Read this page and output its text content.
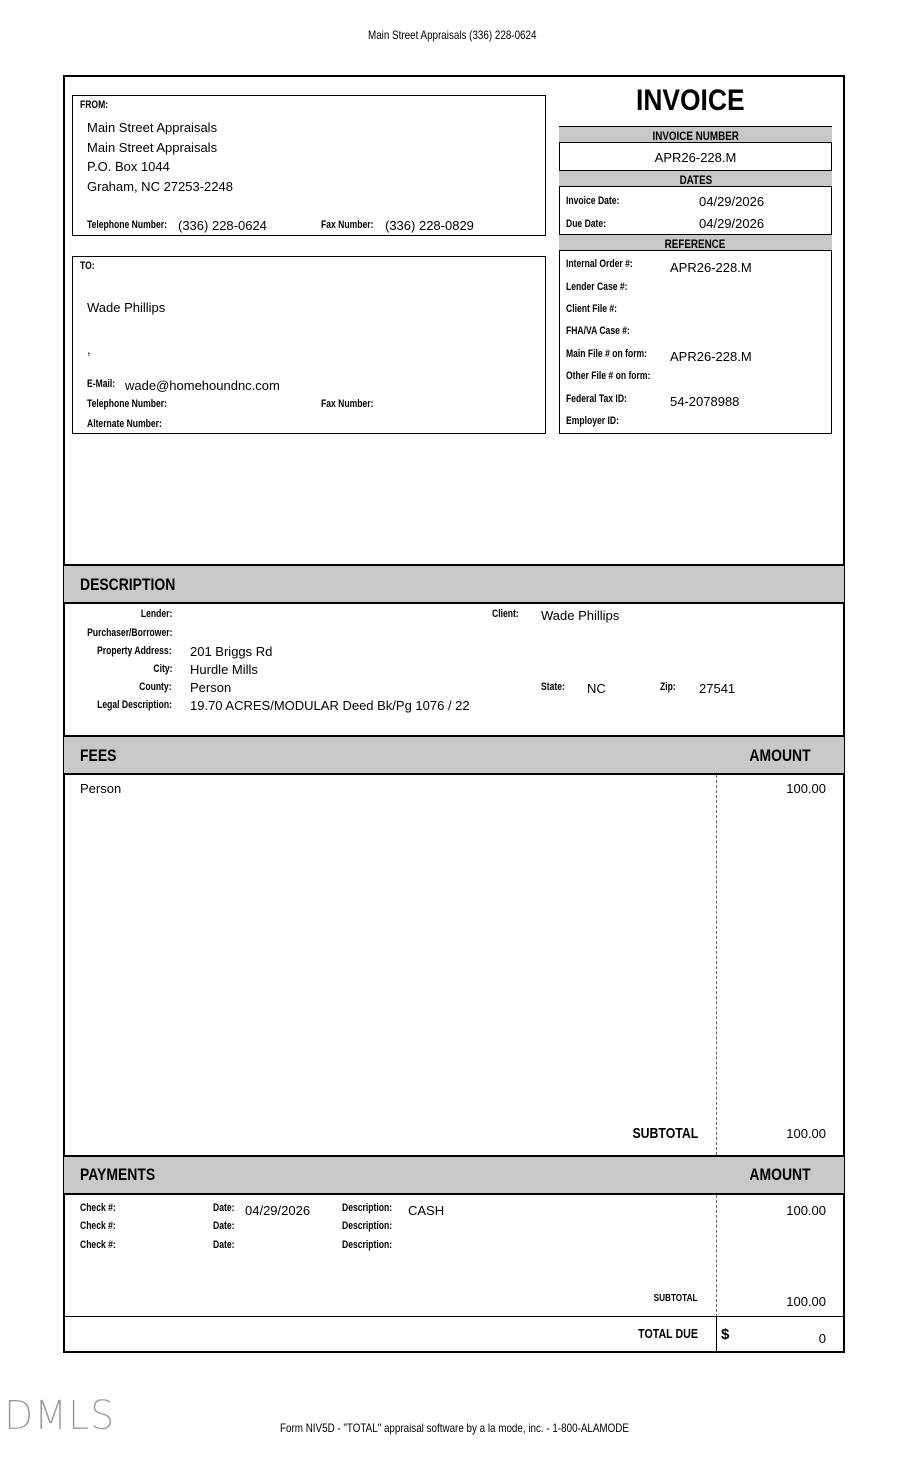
Main Street Appraisals (336) 228-0624
INVOICE
FROM:
Main Street Appraisals
Main Street Appraisals
P.O. Box 1044
Graham, NC 27253-2248
Telephone Number: (336) 228-0624	Fax Number: (336) 228-0829
TO:
Wade Phillips
,
E-Mail: wade@homehoundnc.com
Telephone Number:	Fax Number:
Alternate Number:
INVOICE NUMBER
APR26-228.M
DATES
Invoice Date:	04/29/2026
Due Date:	04/29/2026
REFERENCE
Internal Order #:	APR26-228.M
Lender Case #:
Client File #:
FHA/VA Case #:
Main File # on form: APR26-228.M
Other File # on form:
Federal Tax ID:	54-2078988
Employer ID:
DESCRIPTION
Lender:	Client: Wade Phillips
Purchaser/Borrower:
Property Address: 201 Briggs Rd
City: Hurdle Mills
County: Person	State: NC	Zip: 27541
Legal Description: 19.70 ACRES/MODULAR Deed Bk/Pg 1076 / 22
FEES	AMOUNT
Person	100.00
SUBTOTAL	100.00
PAYMENTS	AMOUNT
Check #:	Date: 04/29/2026	Description: CASH	100.00
Check #:	Date:	Description:
Check #:	Date:	Description:
SUBTOTAL	100.00
TOTAL DUE $	0
DMLS	Form NIV5D - "TOTAL" appraisal software by a la mode, inc. - 1-800-ALAMODE
